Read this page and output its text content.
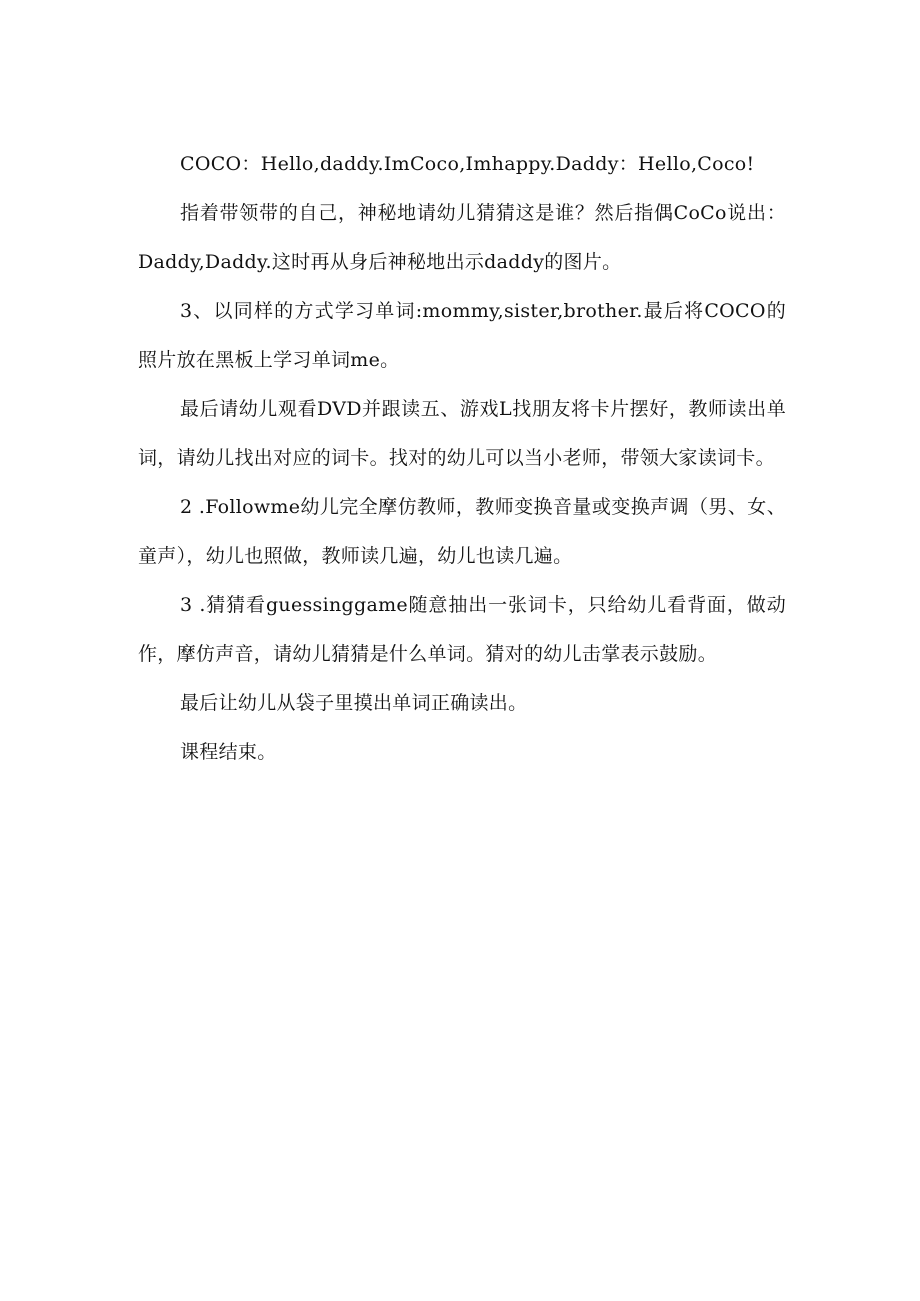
COCO：Hello,daddy.ImCoco,Imhappy.Daddy：Hello,Coco!

指着带领带的自己，神秘地请幼儿猜猜这是谁？然后指偶CoCo说出：Daddy,Daddy.这时再从身后神秘地出示daddy的图片。

3、以同样的方式学习单词:mommy,sister,brother.最后将COCO的照片放在黑板上学习单词me。

最后请幼儿观看DVD并跟读五、游戏L找朋友将卡片摆好，教师读出单词，请幼儿找出对应的词卡。找对的幼儿可以当小老师，带领大家读词卡。

2 .Followme幼儿完全摩仿教师，教师变换音量或变换声调（男、女、童声），幼儿也照做，教师读几遍，幼儿也读几遍。

3 .猜猜看guessinggame随意抽出一张词卡，只给幼儿看背面，做动作，摩仿声音，请幼儿猜猜是什么单词。猜对的幼儿击掌表示鼓励。

最后让幼儿从袋子里摸出单词正确读出。

课程结束。
